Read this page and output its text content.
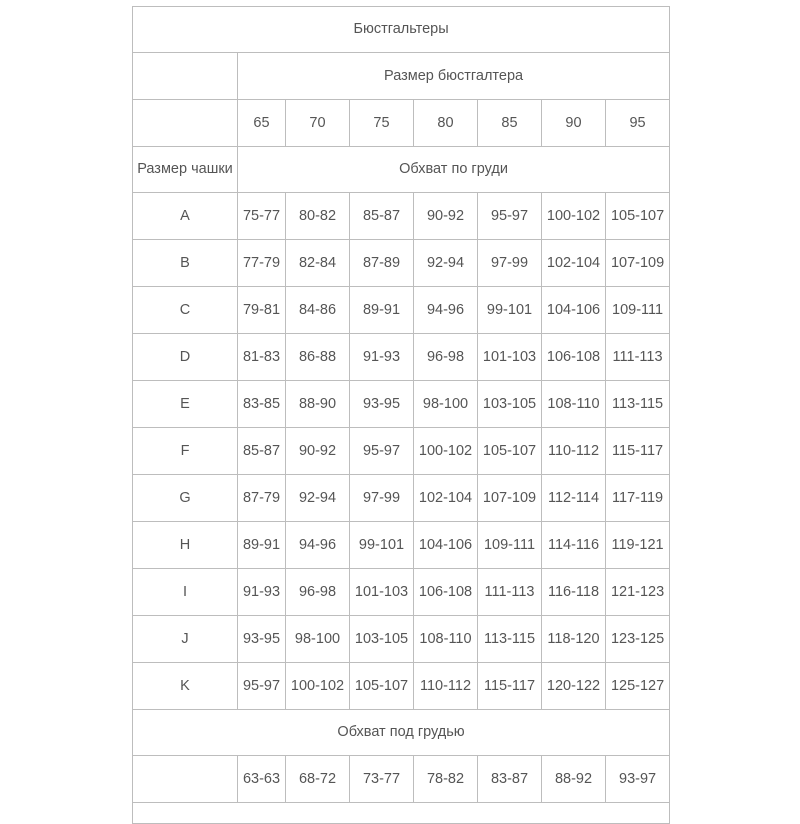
Бюстгальтеры							
	Размер бюстгалтера						
	65	70	75	80	85	90	95
Размер чашки	Обхват по груди						
A	75-77	80-82	85-87	90-92	95-97	100-102	105-107
B	77-79	82-84	87-89	92-94	97-99	102-104	107-109
C	79-81	84-86	89-91	94-96	99-101	104-106	109-111
D	81-83	86-88	91-93	96-98	101-103	106-108	111-113
E	83-85	88-90	93-95	98-100	103-105	108-110	113-115
F	85-87	90-92	95-97	100-102	105-107	110-112	115-117
G	87-79	92-94	97-99	102-104	107-109	112-114	117-119
H	89-91	94-96	99-101	104-106	109-111	114-116	119-121
I	91-93	96-98	101-103	106-108	111-113	116-118	121-123
J	93-95	98-100	103-105	108-110	113-115	118-120	123-125
K	95-97	100-102	105-107	110-112	115-117	120-122	125-127
Обхват под грудью							
	63-63	68-72	73-77	78-82	83-87	88-92	93-97
